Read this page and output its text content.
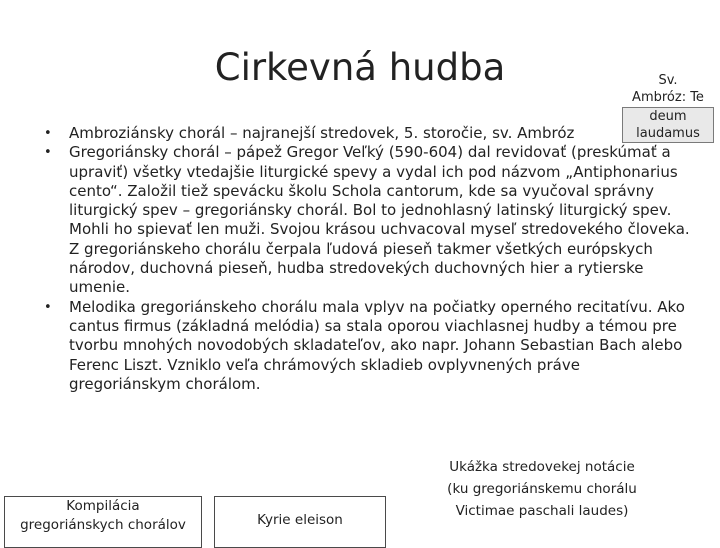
Cirkevná hudba	Sv.
Ambróz: Te
deum
laudamus
• Ambroziánsky chorál – najranejší stredovek, 5. storočie, sv. Ambróz
• Gregoriánsky chorál – pápež Gregor Veľký (590-604) dal revidovať (preskúmať a upraviť) všetky vtedajšie liturgické spevy a vydal ich pod názvom „Antiphonarius cento“. Založil tiež spevácku školu Schola cantorum, kde sa vyučoval správny liturgický spev – gregoriánsky chorál. Bol to jednohlasný latinský liturgický spev. Mohli ho spievať len muži. Svojou krásou uchvacoval myseľ stredovekého človeka. Z gregoriánskeho chorálu čerpala ľudová pieseň takmer všetkých európskych národov, duchovná pieseň, hudba stredovekých duchovných hier a rytierske umenie.
• Melodika gregoriánskeho chorálu mala vplyv na počiatky operného recitatívu. Ako cantus firmus (základná melódia) sa stala oporou viachlasnej hudby a témou pre tvorbu mnohých novodobých skladateľov, ako napr. Johann Sebastian Bach alebo Ferenc Liszt. Vzniklo veľa chrámových skladieb ovplyvnených práve gregoriánskym chorálom.
Kompilácia
gregoriánskych chorálov	Kyrie eleison
Ukážka stredovekej notácie
(ku gregoriánskemu chorálu
Victimae paschali laudes)
